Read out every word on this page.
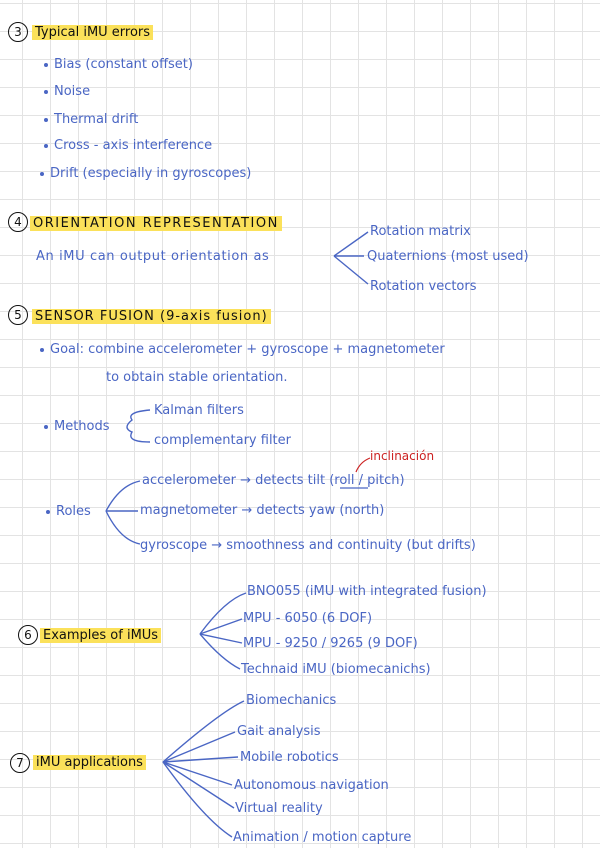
3	Typical iMU errors
Bias (constant offset)
Noise
Thermal drift
Cross - axis interference
Drift (especially in gyroscopes)
4 ORIENTATION REPRESENTATION
An iMU can output orientation as
Rotation matrix
Quaternions (most used)
Rotation vectors
5	SENSOR FUSION (9-axis fusion)
Goal: combine accelerometer + gyroscope + magnetometer
to obtain stable orientation.
Methods
Kalman filters
complementary filter
Roles
inclinación
accelerometer → detects tilt (roll / pitch)
magnetometer → detects yaw (north)
gyroscope → smoothness and continuity (but drifts)
6 Examples of iMUs
BNO055 (iMU with integrated fusion)
MPU - 6050 (6 DOF)
MPU - 9250 / 9265 (9 DOF)
Technaid iMU (biomecanichs)
7 iMU applications
Biomechanics
Gait analysis
Mobile robotics
Autonomous navigation
Virtual reality
Animation / motion capture
